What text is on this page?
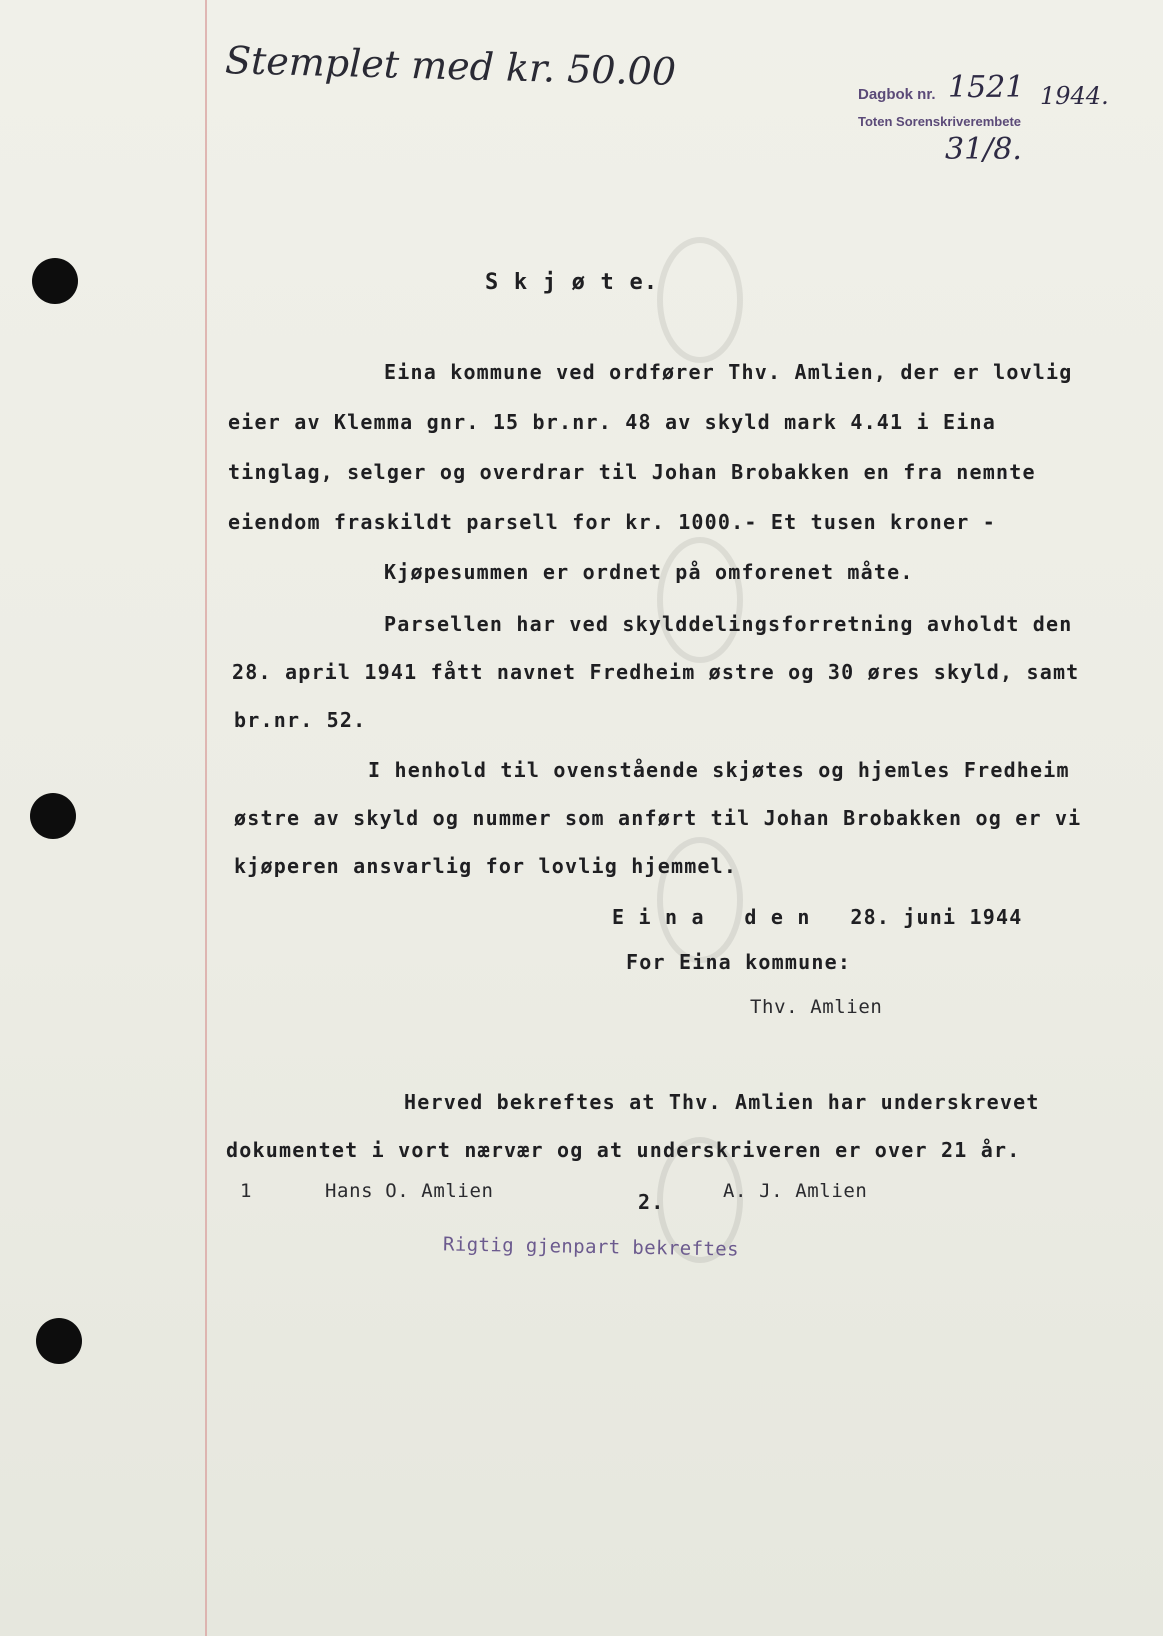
Stemplet med kr. 50.00
Dagbok nr. 1521 1944.
Toten Sorenskriverembete
31/8.
S k j ø t e.
Eina kommune ved ordfører Thv. Amlien, der er lovlig
eier av Klemma gnr. 15 br.nr. 48 av skyld mark 4.41 i Eina
tinglag, selger og overdrar til Johan Brobakken en fra nemnte
eiendom fraskildt parsell for kr. 1000.- Et tusen kroner -
Kjøpesummen er ordnet på omforenet måte.
Parsellen har ved skylddelingsforretning avholdt den
28. april 1941 fått navnet Fredheim østre og 30 øres skyld, samt
br.nr. 52.
I henhold til ovenstående skjøtes og hjemles Fredheim
østre av skyld og nummer som anført til Johan Brobakken og er vi
kjøperen ansvarlig for lovlig hjemmel.
E i n a   d e n   28. juni 1944
For Eina kommune:
Thv. Amlien
Herved bekreftes at Thv. Amlien har underskrevet
dokumentet i vort nærvær og at underskriveren er over 21 år.
1	Hans O. Amlien	2.	A. J. Amlien
Rigtig gjenpart bekreftes
